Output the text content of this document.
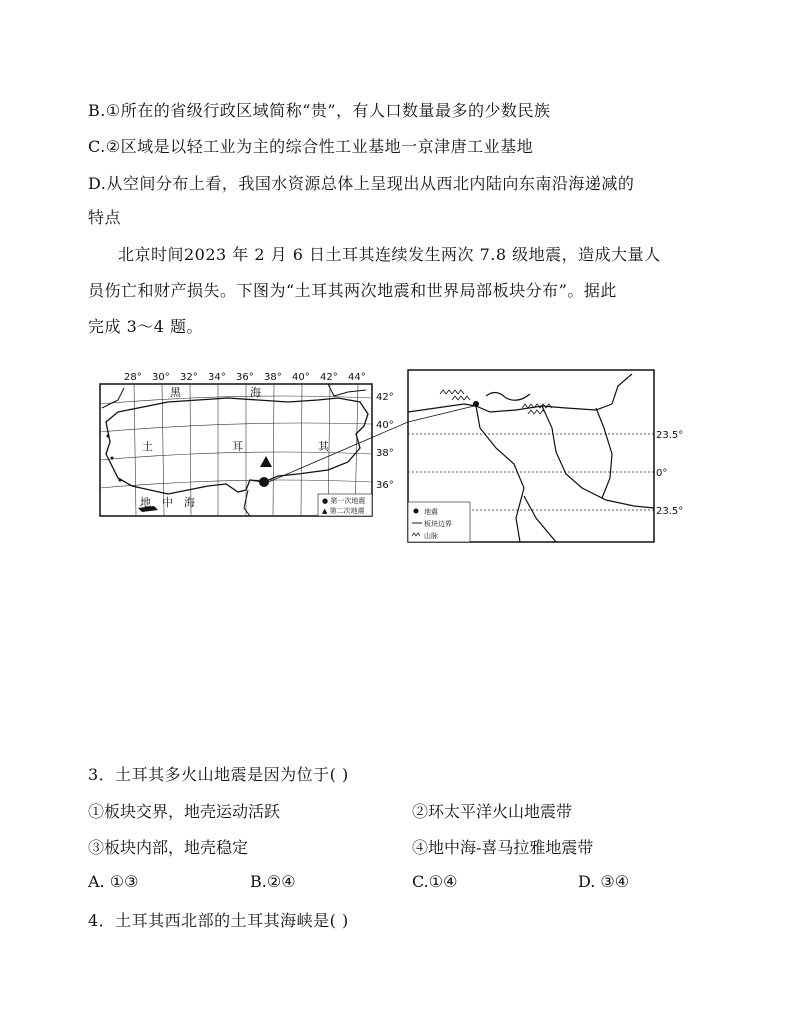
B.①所在的省级行政区域简称“贵”，有人口数量最多的少数民族
C.②区域是以轻工业为主的综合性工业基地一京津唐工业基地
D.从空间分布上看，我国水资源总体上呈现出从西北内陆向东南沿海递减的
特点
北京时间2023 年 2 月 6 日土耳其连续发生两次 7.8 级地震，造成大量人
员伤亡和财产损失。下图为“土耳其两次地震和世界局部板块分布”。据此
完成 3～4 题。
28° 30° 32° 34° 36° 38° 40° 42° 44°
42°
40°
38°
36°
黑	海
土	耳	其
地 中 海	● 第一次地震
▲ 第二次地震
23.5°
0°
23.5°
地震
板块边界
山脉
3．土耳其多火山地震是因为位于( )
①板块交界，地壳运动活跃	②环太平洋火山地震带
③板块内部，地壳稳定	④地中海-喜马拉雅地震带
A. ①③	B.②④	C.①④	D. ③④
4．土耳其西北部的土耳其海峡是( )
